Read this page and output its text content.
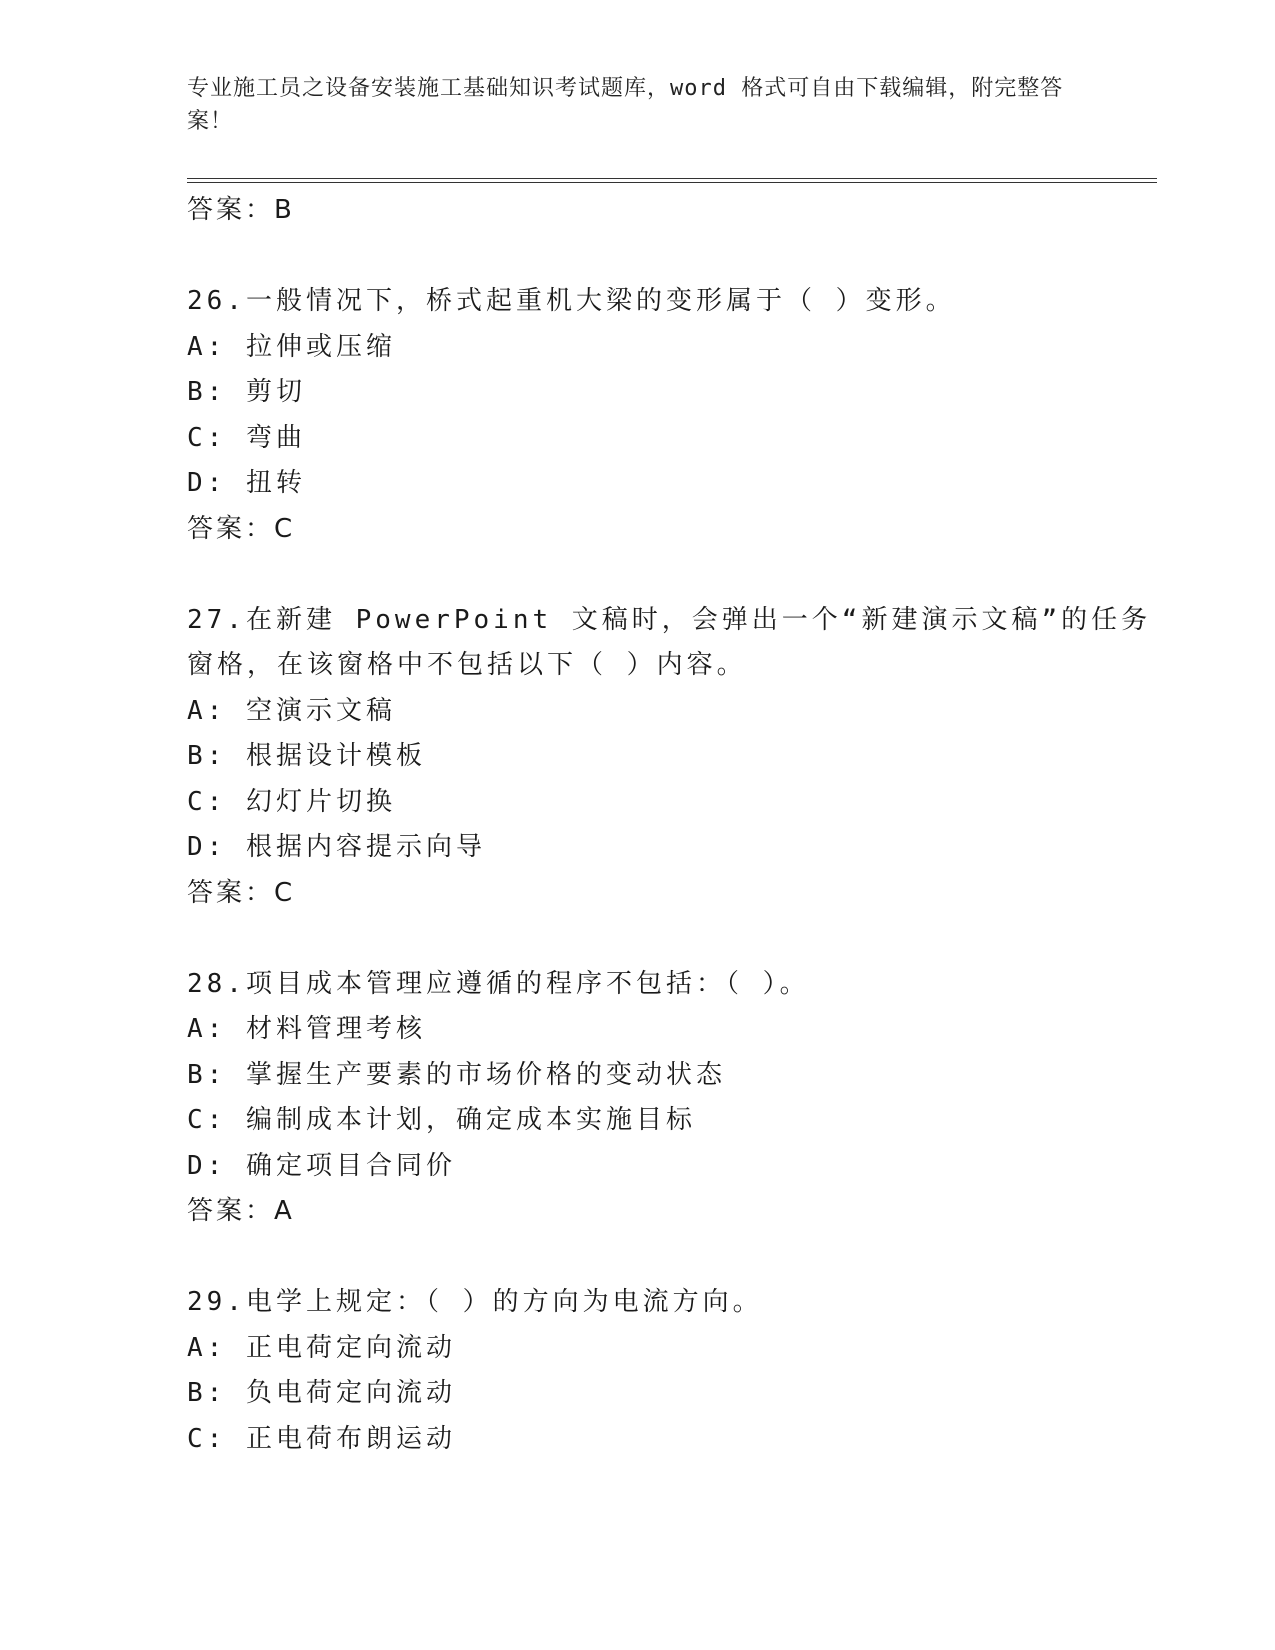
专业施工员之设备安装施工基础知识考试题库，word 格式可自由下载编辑，附完整答案！
答案：B
26.一般情况下，桥式起重机大梁的变形属于（ ）变形。
A: 拉伸或压缩
B: 剪切
C: 弯曲
D: 扭转
答案：C
27.在新建 PowerPoint 文稿时，会弹出一个“新建演示文稿”的任务
窗格，在该窗格中不包括以下（ ）内容。
A: 空演示文稿
B: 根据设计模板
C: 幻灯片切换
D: 根据内容提示向导
答案：C
28.项目成本管理应遵循的程序不包括：（ ）。
A: 材料管理考核
B: 掌握生产要素的市场价格的变动状态
C: 编制成本计划，确定成本实施目标
D: 确定项目合同价
答案：A
29.电学上规定：（ ）的方向为电流方向。
A: 正电荷定向流动
B: 负电荷定向流动
C: 正电荷布朗运动
